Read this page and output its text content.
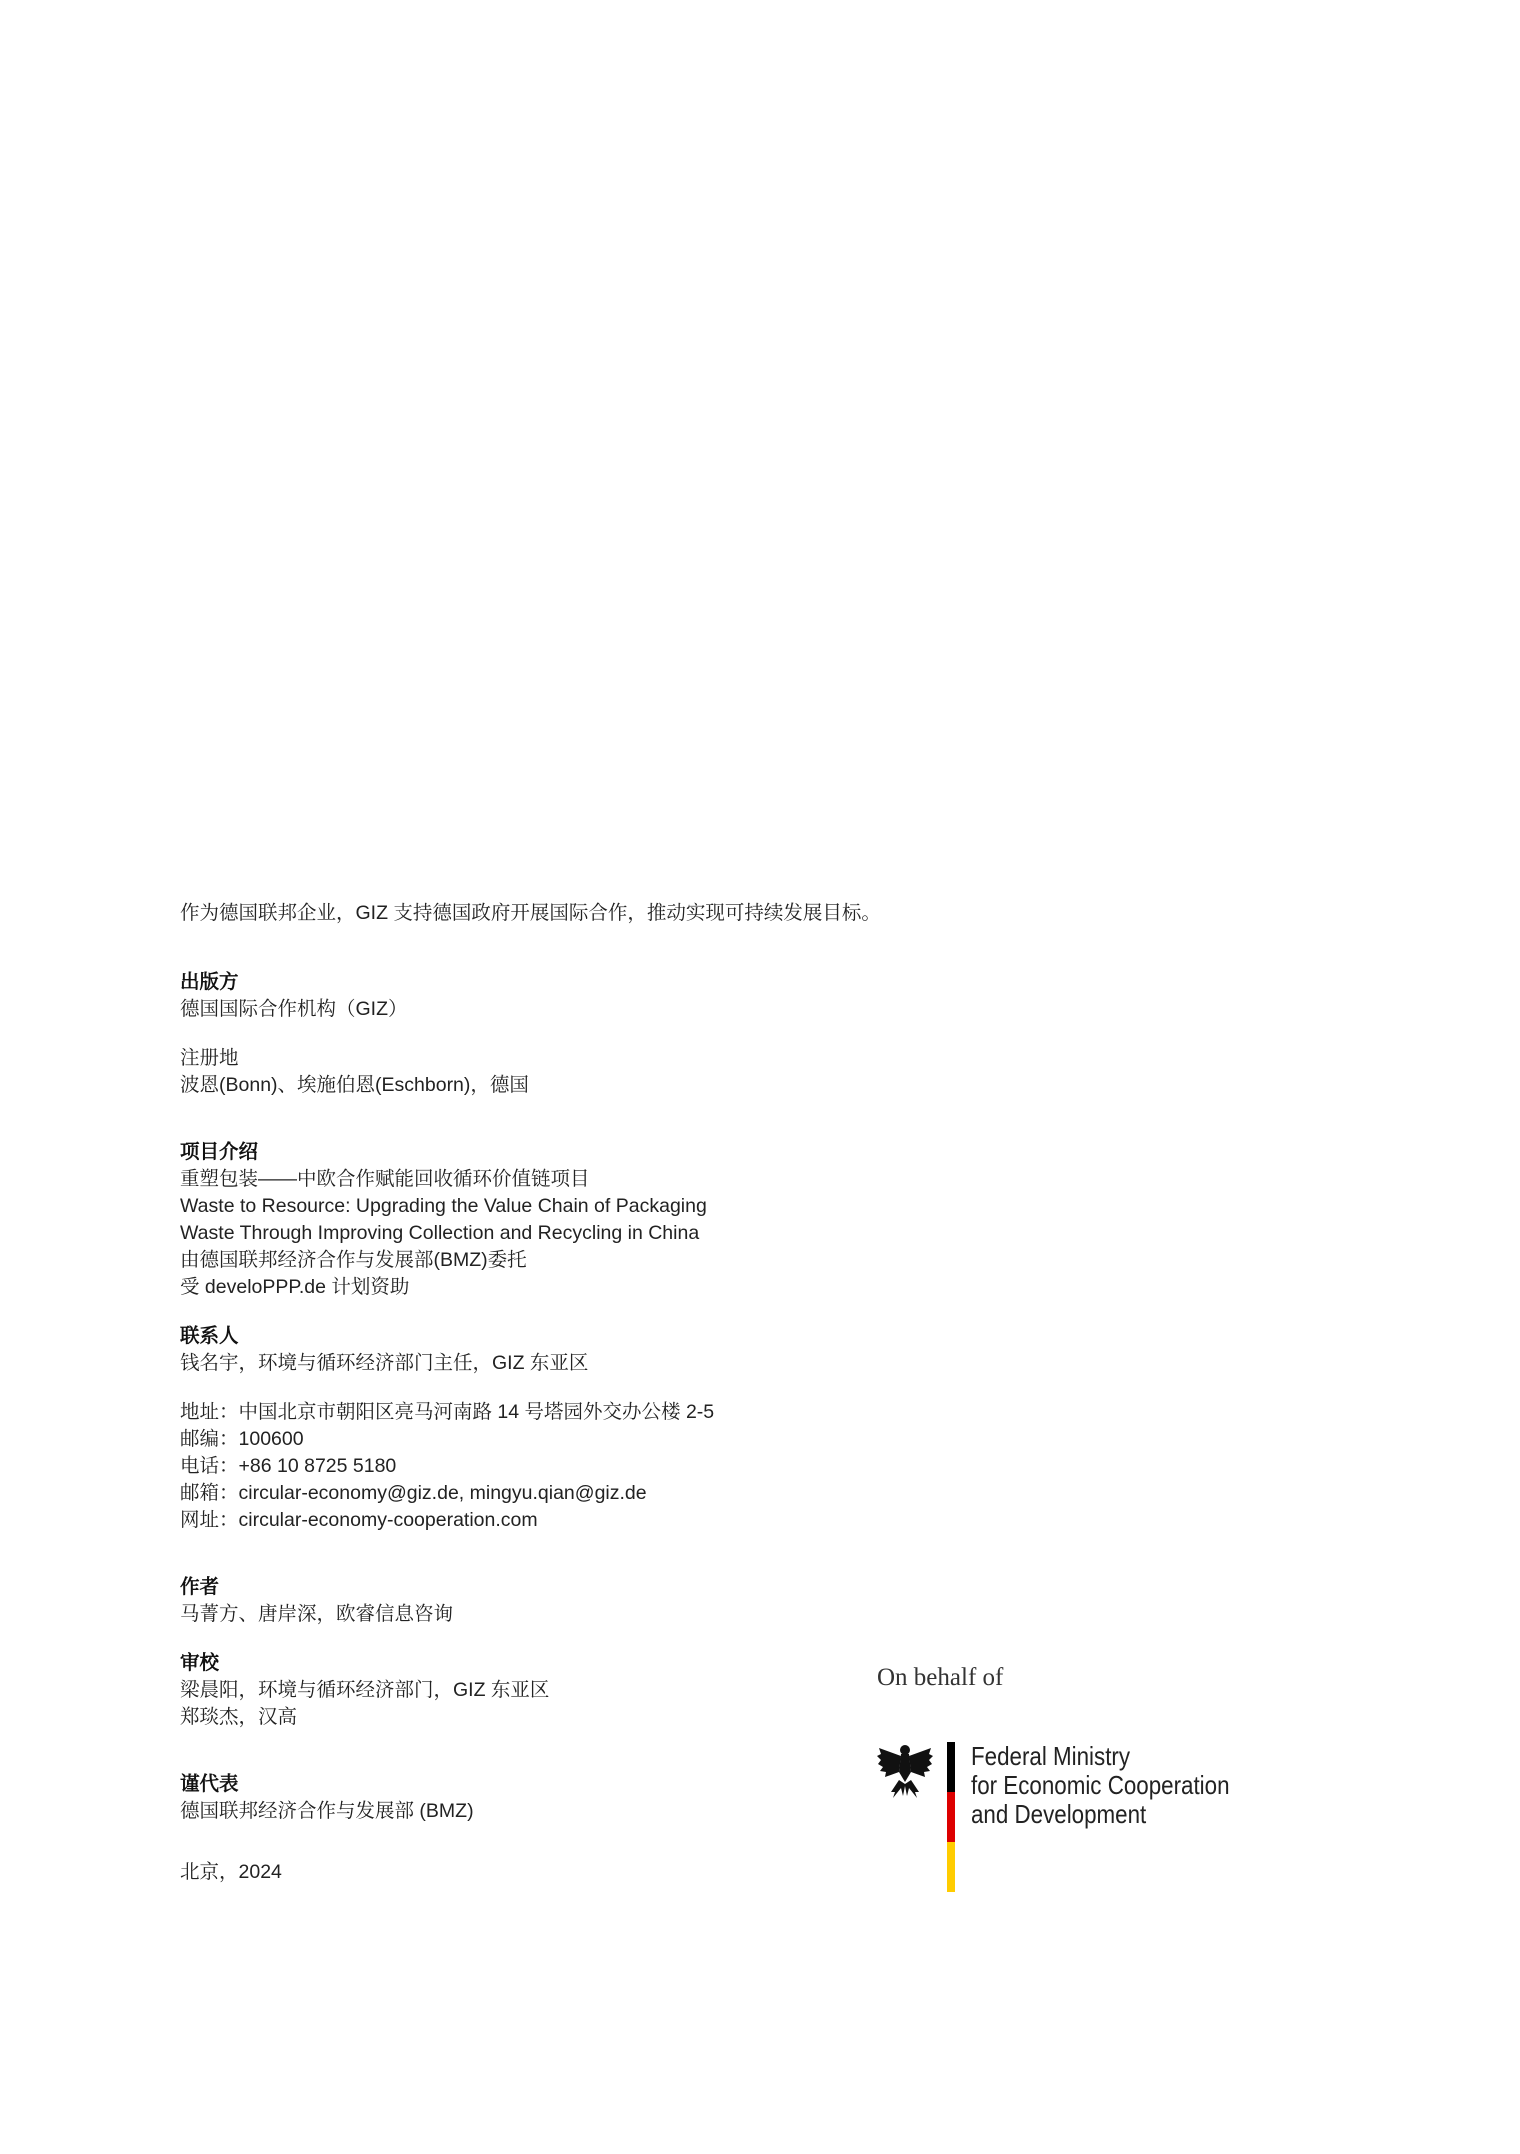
作为德国联邦企业，GIZ 支持德国政府开展国际合作，推动实现可持续发展目标。
出版方
德国国际合作机构（GIZ）
注册地
波恩(Bonn)、埃施伯恩(Eschborn)，德国
项目介绍
重塑包装——中欧合作赋能回收循环价值链项目
Waste to Resource: Upgrading the Value Chain of Packaging
Waste Through Improving Collection and Recycling in China
由德国联邦经济合作与发展部(BMZ)委托
受 develoPPP.de 计划资助
联系人
钱名宇，环境与循环经济部门主任，GIZ 东亚区
地址：中国北京市朝阳区亮马河南路 14 号塔园外交办公楼 2-5
邮编：100600
电话：+86 10 8725 5180
邮箱：circular-economy@giz.de, mingyu.qian@giz.de
网址：circular-economy-cooperation.com
作者
马菁方、唐岸深，欧睿信息咨询
审校
梁晨阳，环境与循环经济部门，GIZ 东亚区
郑琰杰，汉高
谨代表
德国联邦经济合作与发展部 (BMZ)
北京，2024
On behalf of
Federal Ministry
for Economic Cooperation
and Development
